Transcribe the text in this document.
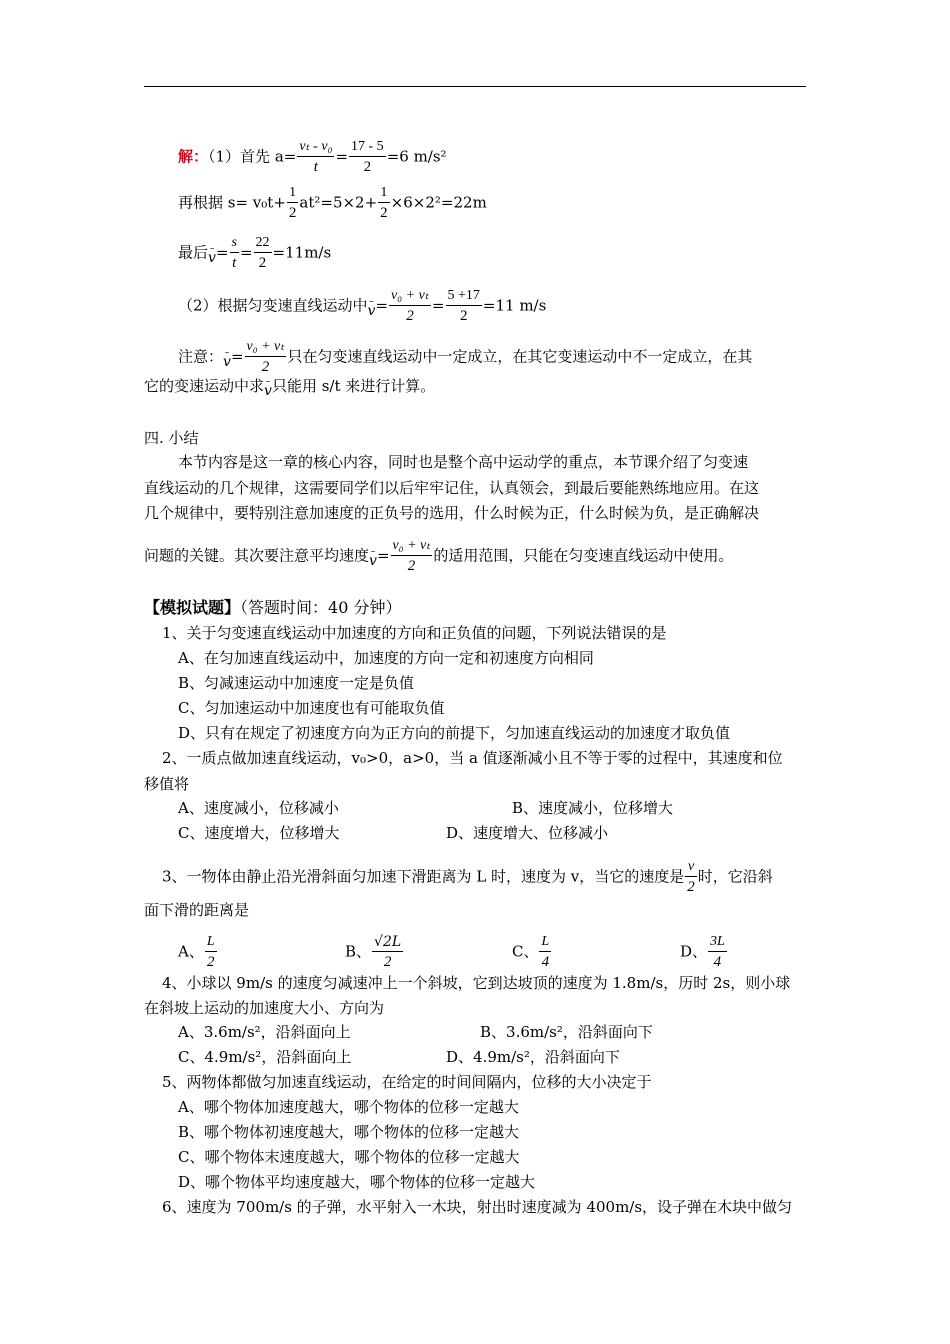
解：（1）首先 $a= \frac{\text{vₜ - v₀}}{t} = \frac{17 - 5}{2} =6$ m/s²
再根据 $s= v_0t+ \frac{1}{2} at^2=5\times 2+ \frac{1}{2} \times 6\times 2^2=22m$
最后– $v= \frac{s}{t} = \frac{22}{2} =11m/s$
（2）根据匀变速直线运动中– $v= \frac{\text{v₀ + vₜ}}{2} = \frac{5 +17}{2} =11$ m/s
注意：– $v= \frac{\text{v₀ + vₜ}}{2}$ 只在匀变速直线运动中一定成立，在其它变速运动中不一定成立，在其
它的变速运动中求– v只能用 s/t 来进行计算。
四. 小结
本节内容是这一章的核心内容，同时也是整个高中运动学的重点，本节课介绍了匀变速
直线运动的几个规律，这需要同学们以后牢牢记住，认真领会，到最后要能熟练地应用。在这
几个规律中，要特别注意加速度的正负号的选用，什么时候为正，什么时候为负，是正确解决
问题的关键。其次要注意平均速度– $v= \frac{\text{v₀ + vₜ}}{2}$ 的适用范围，只能在匀变速直线运动中使用。
【模拟试题】（答题时间：40 分钟）
1、关于匀变速直线运动中加速度的方向和正负值的问题，下列说法错误的是
A、在匀加速直线运动中，加速度的方向一定和初速度方向相同
B、匀减速运动中加速度一定是负值
C、匀加速运动中加速度也有可能取负值
D、只有在规定了初速度方向为正方向的前提下，匀加速直线运动的加速度才取负值
2、一质点做加速直线运动，v₀>0，a>0，当 a 值逐渐减小且不等于零的过程中，其速度和位
移值将
A、速度减小，位移减小	B、速度减小，位移增大
C、速度增大，位移增大	D、速度增大、位移减小
3、一物体由静止沿光滑斜面匀加速下滑距离为 L 时，速度为 v，当它的速度是 $\frac{v}{2}$ 时，它沿斜
面下滑的距离是
A、 $\frac{L}{2}$	B、 $\frac{√2L}{2}$	C、 $\frac{L}{4}$	D、 $\frac{3L}{4}$
4、小球以 9m/s 的速度匀减速冲上一个斜坡，它到达坡顶的速度为 1.8m/s，历时 2s，则小球
在斜坡上运动的加速度大小、方向为
A、3.6m/s²，沿斜面向上	B、3.6m/s²，沿斜面向下
C、4.9m/s²，沿斜面向上	D、4.9m/s²，沿斜面向下
5、两物体都做匀加速直线运动，在给定的时间间隔内，位移的大小决定于
A、哪个物体加速度越大，哪个物体的位移一定越大
B、哪个物体初速度越大，哪个物体的位移一定越大
C、哪个物体末速度越大，哪个物体的位移一定越大
D、哪个物体平均速度越大，哪个物体的位移一定越大
6、速度为 700m/s 的子弹，水平射入一木块，射出时速度减为 400m/s，设子弹在木块中做匀
